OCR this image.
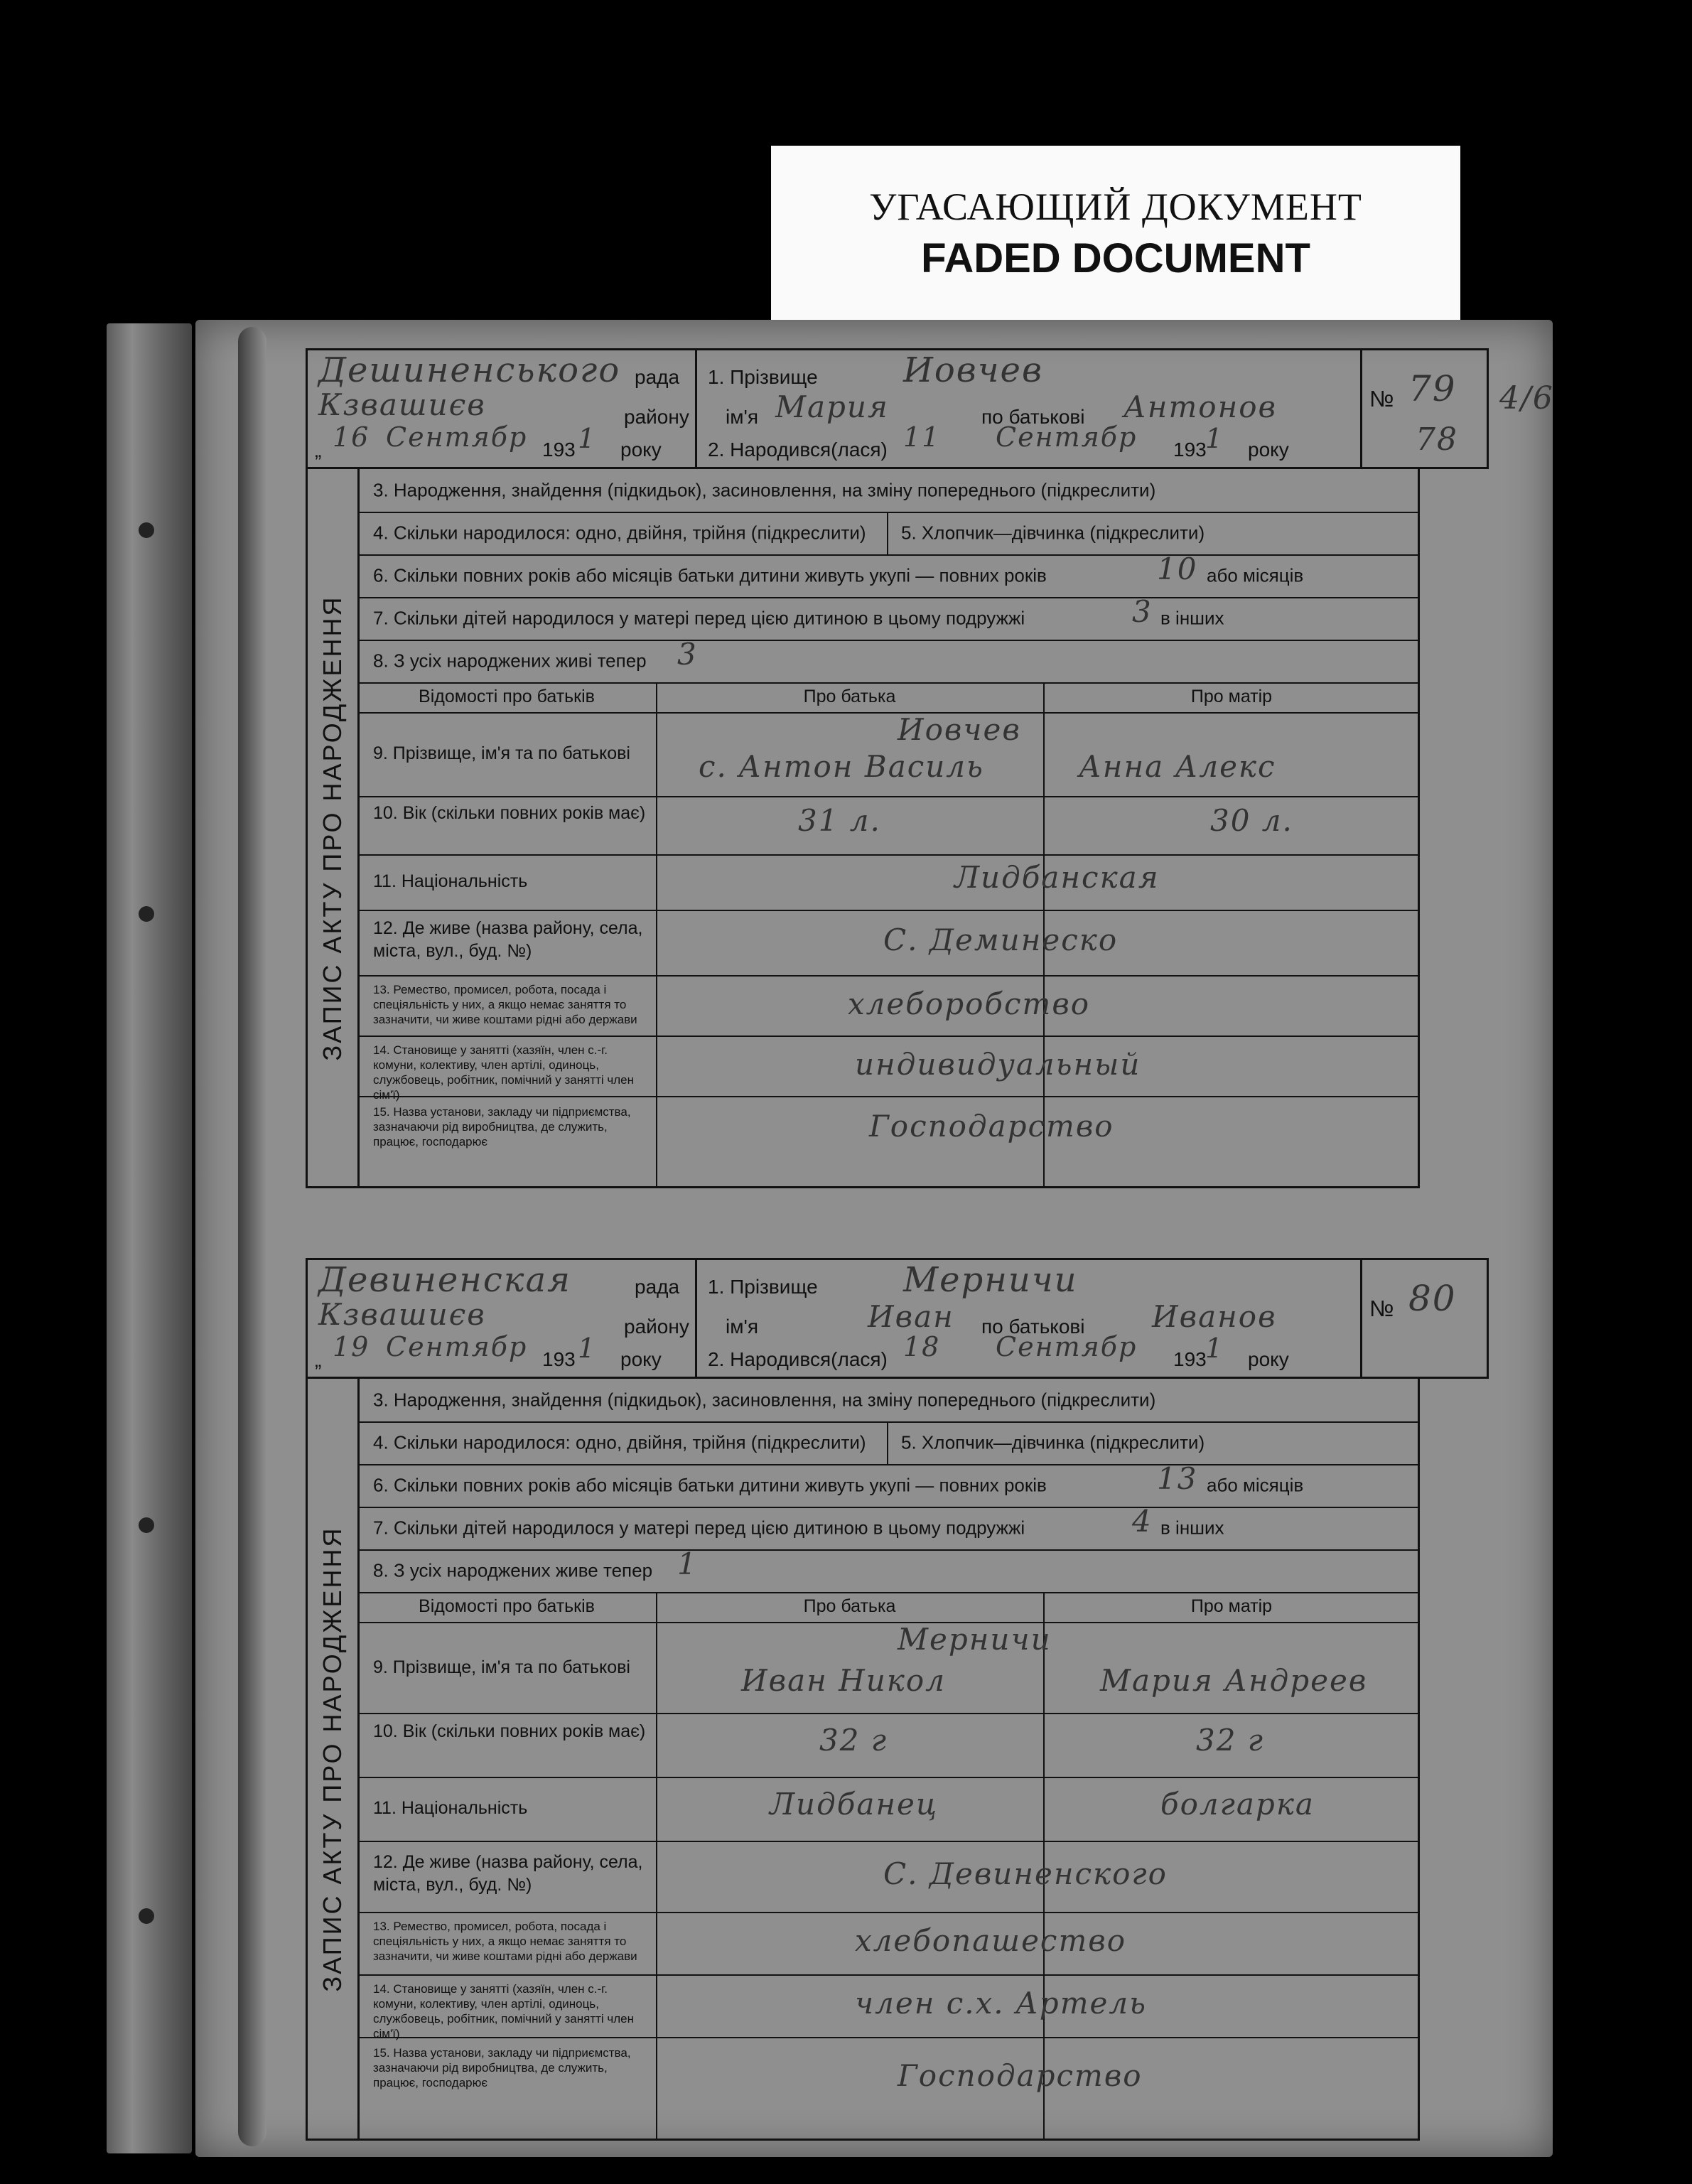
УГАСАЮЩИЙ ДОКУМЕНТ
FADED DOCUMENT
Дешиненського рада
Кзвашиєв	району
„ 16 Сентябр 193 1 року
1. Прізвище	Иовчев
ім'я Мария	по батькові Антонов
2. Народився(лася) 11 Сентябр 193
1 року
№ 79
78
4/6
ЗАПИС АКТУ ПРО НАРОДЖЕННЯ
3. Народження, знайдення (підкидьок), засиновлення, на зміну попереднього (підкреслити)
4. Скільки народилося: одно, двійня, трійня (підкреслити) 5. Хлопчик—дівчинка (підкреслити)
6. Скільки повних років або місяців батьки дитини живуть укупі — повних років	10 або місяців
7. Скільки дітей народилося у матері перед цією дитиною в цьому подружжі	3 в інших
8. З усіх народжених живі тепер 3
Відомості про батьків	Про батька	Про матір
9. Прізвище, ім'я та по батькові
Иовчев
с. Антон Василь	Анна Алекс
10. Вік (скільки повних років має)	31 л.	30 л.
11. Національність	Лидбанская
12. Де живе (назва району, села, міста, вул., буд. №)	С. Деминеско
13. Ремество, промисел, робота, посада і спеціяльність у них, а якщо немає заняття то зазначити, чи живе коштами рідні або держави	хлеборобство
14. Становище у занятті (хазяїн, член с.-г. комуни, колективу, член артілі, одиноць, службовець, робітник, помічний у занятті член сім'ї)
индивидуальный
15. Назва установи, закладу чи підприємства, зазначаючи рід виробництва, де служить, працює, господарює	Господарство
Девиненская	рада
Кзвашиєв	району
„ 19 Сентябр 193 1 року
1. Прізвище	Мерничи
ім'я	Иван по батькові Иванов
2. Народився(лася) 18 Сентябр 193
1 року
№ 80
ЗАПИС АКТУ ПРО НАРОДЖЕННЯ
3. Народження, знайдення (підкидьок), засиновлення, на зміну попереднього (підкреслити)
4. Скільки народилося: одно, двійня, трійня (підкреслити) 5. Хлопчик—дівчинка (підкреслити)
6. Скільки повних років або місяців батьки дитини живуть укупі — повних років	13 або місяців
7. Скільки дітей народилося у матері перед цією дитиною в цьому подружжі	4 в інших
8. З усіх народжених живе тепер 1
Відомості про батьків	Про батька	Про матір
9. Прізвище, ім'я та по батькові
Мерничи
Иван Никол	Мария Андреев
10. Вік (скільки повних років має)	32 г	32 г
11. Національність	Лидбанец	болгарка
12. Де живе (назва району, села, міста, вул., буд. №)	С. Девиненского
13. Ремество, промисел, робота, посада і спеціяльність у них, а якщо немає заняття то зазначити, чи живе коштами рідні або держави	хлебопашество
14. Становище у занятті (хазяїн, член с.-г. комуни, колективу, член артілі, одиноць, службовець, робітник, помічний у занятті член сім'ї)
член с.х. Артель
15. Назва установи, закладу чи підприємства, зазначаючи рід виробництва, де служить, працює, господарює	Господарство
